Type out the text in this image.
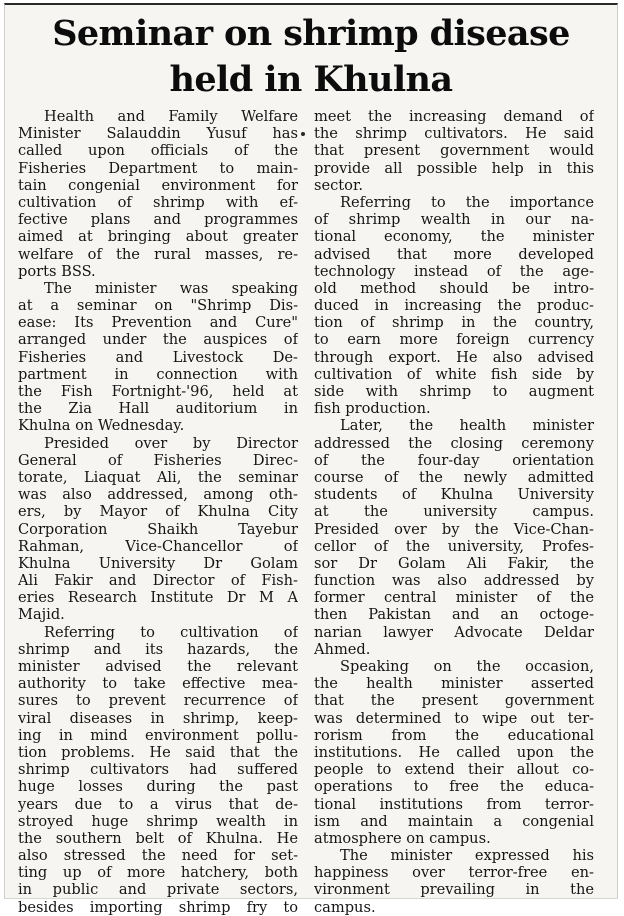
Seminar on shrimp disease
held in Khulna
Health and Family Welfare
Minister Salauddin Yusuf has
called upon officials of the
Fisheries Department to main-
tain congenial environment for
cultivation of shrimp with ef-
fective plans and programmes
aimed at bringing about greater
welfare of the rural masses, re-
ports BSS.
The minister was speaking
at a seminar on "Shrimp Dis-
ease: Its Prevention and Cure"
arranged under the auspices of
Fisheries and Livestock De-
partment in connection with
the Fish Fortnight-'96, held at
the Zia Hall auditorium in
Khulna on Wednesday.
Presided over by Director
General of Fisheries Direc-
torate, Liaquat Ali, the seminar
was also addressed, among oth-
ers, by Mayor of Khulna City
Corporation Shaikh Tayebur
Rahman, Vice-Chancellor of
Khulna University Dr Golam
Ali Fakir and Director of Fish-
eries Research Institute Dr M A
Majid.
Referring to cultivation of
shrimp and its hazards, the
minister advised the relevant
authority to take effective mea-
sures to prevent recurrence of
viral diseases in shrimp, keep-
ing in mind environment pollu-
tion problems. He said that the
shrimp cultivators had suffered
huge losses during the past
years due to a virus that de-
stroyed huge shrimp wealth in
the southern belt of Khulna. He
also stressed the need for set-
ting up of more hatchery, both
in public and private sectors,
besides importing shrimp fry to
meet the increasing demand of
the shrimp cultivators. He said
that present government would
provide all possible help in this
sector.
Referring to the importance
of shrimp wealth in our na-
tional economy, the minister
advised that more developed
technology instead of the age-
old method should be intro-
duced in increasing the produc-
tion of shrimp in the country,
to earn more foreign currency
through export. He also advised
cultivation of white fish side by
side with shrimp to augment
fish production.
Later, the health minister
addressed the closing ceremony
of the four-day orientation
course of the newly admitted
students of Khulna University
at the university campus.
Presided over by the Vice-Chan-
cellor of the university, Profes-
sor Dr Golam Ali Fakir, the
function was also addressed by
former central minister of the
then Pakistan and an octoge-
narian lawyer Advocate Deldar
Ahmed.
Speaking on the occasion,
the health minister asserted
that the present government
was determined to wipe out ter-
rorism from the educational
institutions. He called upon the
people to extend their allout co-
operations to free the educa-
tional institutions from terror-
ism and maintain a congenial
atmosphere on campus.
The minister expressed his
happiness over terror-free en-
vironment prevailing in the
campus.
